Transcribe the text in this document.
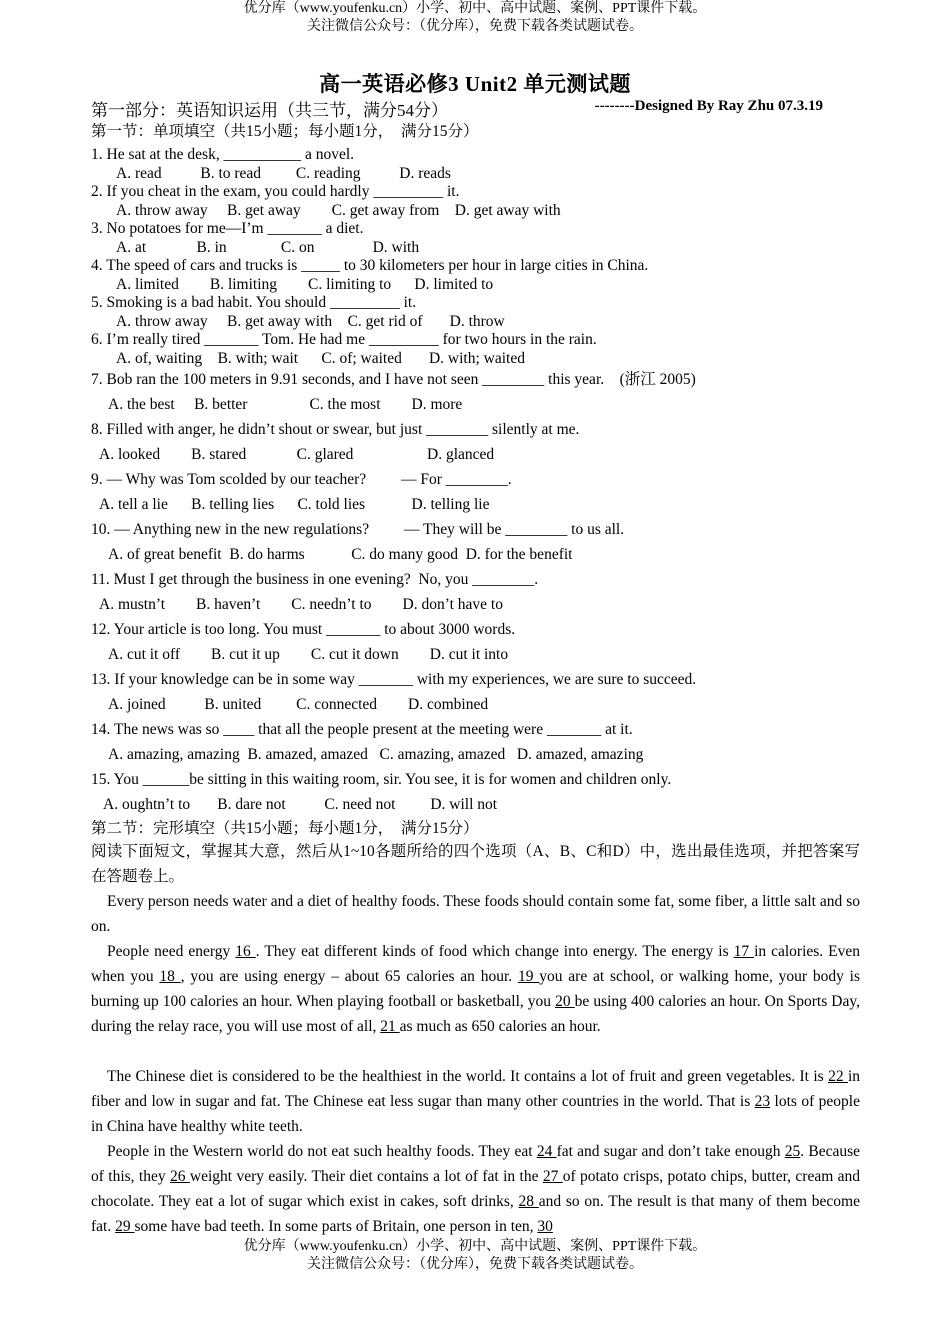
优分库（www.youfenku.cn）小学、初中、高中试题、案例、PPT课件下载。
关注微信公众号：（优分库），免费下载各类试题试卷。
高一英语必修3 Unit2 单元测试题
第一部分：英语知识运用（共三节，满分54分）	--------Designed By Ray Zhu 07.3.19
第一节：单项填空（共15小题；每小题1分，  满分15分）
1. He sat at the desk, __________ a novel.
A. read          B. to read         C. reading          D. reads
2. If you cheat in the exam, you could hardly _________ it.
A. throw away     B. get away        C. get away from    D. get away with
3. No potatoes for me—I’m _______ a diet.
A. at             B. in              C. on               D. with
4. The speed of cars and trucks is _____ to 30 kilometers per hour in large cities in China.
A. limited        B. limiting        C. limiting to      D. limited to
5. Smoking is a bad habit. You should _________ it.
A. throw away     B. get away with    C. get rid of       D. throw
6. I’m really tired _______ Tom. He had me _________ for two hours in the rain.
A. of, waiting    B. with; wait      C. of; waited       D. with; waited
7. Bob ran the 100 meters in 9.91 seconds, and I have not seen ________ this year.    (浙江 2005)
A. the best     B. better                C. the most        D. more
8. Filled with anger, he didn’t shout or swear, but just ________ silently at me.
A. looked        B. stared             C. glared                   D. glanced
9. — Why was Tom scolded by our teacher?         — For ________.
A. tell a lie      B. telling lies      C. told lies            D. telling lie
10. — Anything new in the new regulations?         — They will be ________ to us all.
A. of great benefit  B. do harms            C. do many good  D. for the benefit
11. Must I get through the business in one evening?  No, you ________.
A. mustn’t        B. haven’t        C. needn’t to        D. don’t have to
12. Your article is too long. You must _______ to about 3000 words.
A. cut it off        B. cut it up        C. cut it down        D. cut it into
13. If your knowledge can be in some way _______ with my experiences, we are sure to succeed.
A. joined          B. united         C. connected        D. combined
14. The news was so ____ that all the people present at the meeting were _______ at it.
A. amazing, amazing  B. amazed, amazed   C. amazing, amazed   D. amazed, amazing
15. You ______be sitting in this waiting room, sir. You see, it is for women and children only.
A. oughtn’t to       B. dare not          C. need not         D. will not
第二节：完形填空（共15小题；每小题1分，  满分15分）
阅读下面短文，掌握其大意，然后从1~10各题所给的四个选项（A、B、C和D）中，选出最佳选项，并把答案写在答题卷上。
Every person needs water and a diet of healthy foods. These foods should contain some fat, some fiber, a little salt and so on.
People need energy 16 . They eat different kinds of food which change into energy. The energy is 17 in calories. Even when you 18 , you are using energy – about 65 calories an hour. 19 you are at school, or walking home, your body is burning up 100 calories an hour. When playing football or basketball, you 20 be using 400 calories an hour. On Sports Day, during the relay race, you will use most of all, 21 as much as 650 calories an hour.
The Chinese diet is considered to be the healthiest in the world. It contains a lot of fruit and green vegetables. It is 22 in fiber and low in sugar and fat. The Chinese eat less sugar than many other countries in the world. That is 23 lots of people in China have healthy white teeth.
People in the Western world do not eat such healthy foods. They eat 24 fat and sugar and don’t take enough 25. Because of this, they 26 weight very easily. Their diet contains a lot of fat in the 27 of potato crisps, potato chips, butter, cream and chocolate. They eat a lot of sugar which exist in cakes, soft drinks, 28 and so on. The result is that many of them become fat. 29 some have bad teeth. In some parts of Britain, one person in ten, 30
优分库（www.youfenku.cn）小学、初中、高中试题、案例、PPT课件下载。
关注微信公众号：（优分库），免费下载各类试题试卷。
